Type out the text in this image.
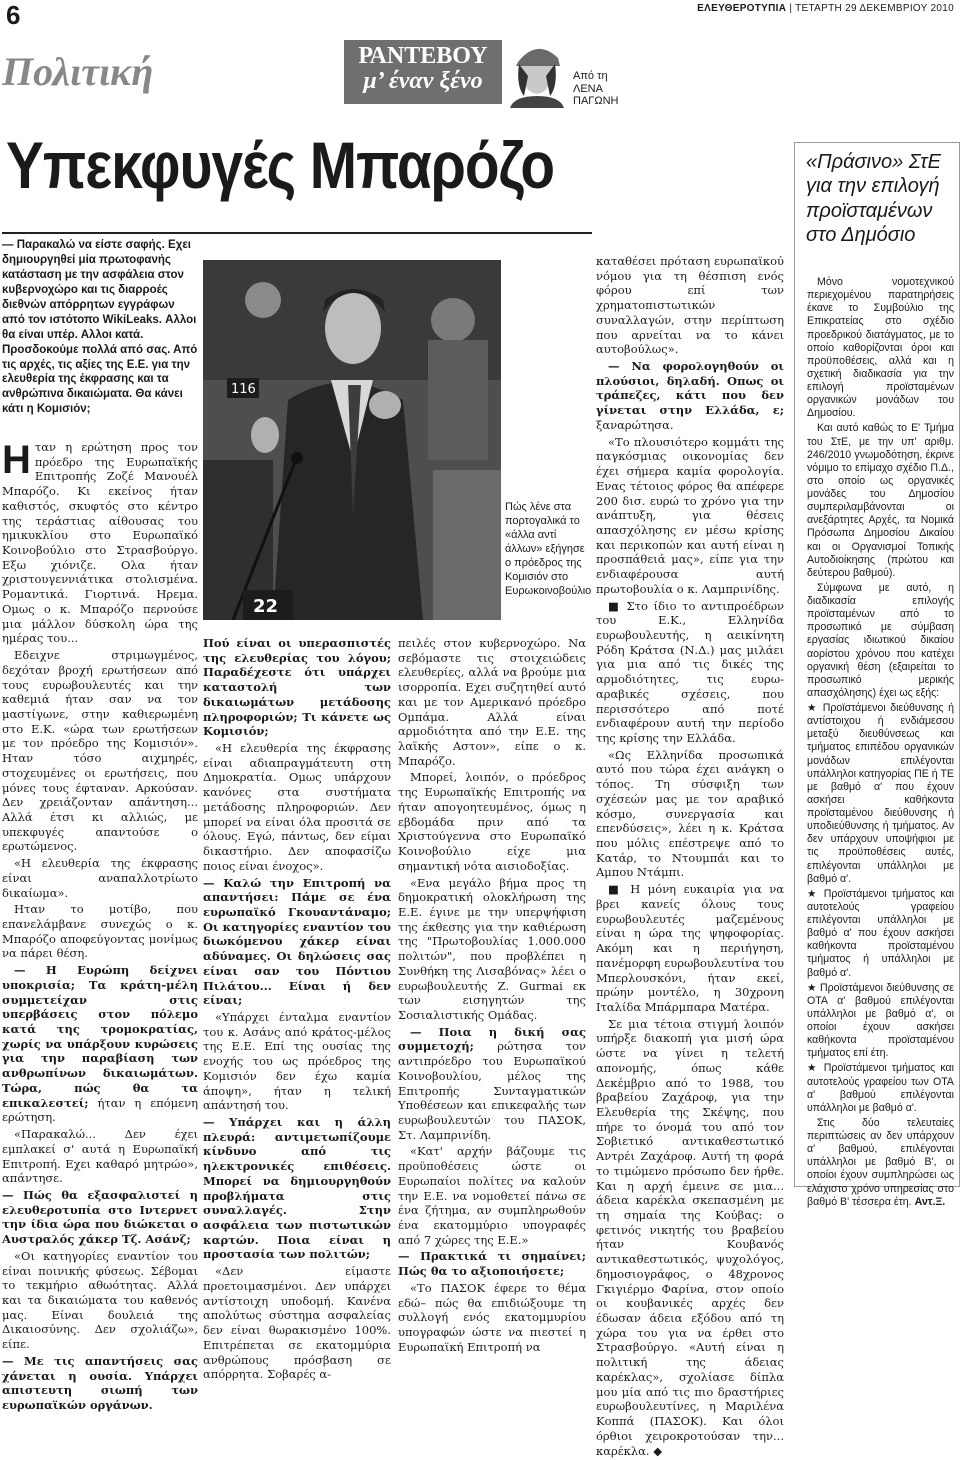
6	ΕΛΕΥΘΕΡΟΤΥΠΙΑ | ΤΕΤΑΡΤΗ 29 ΔΕΚΕΜΒΡΙΟΥ 2010
Πολιτική	ΡΑΝΤΕΒΟΥ
μ’ έναν ξένο	Από τη
ΛΕΝΑ
ΠΑΓΩΝΗ
Υπεκφυγές Μπαρόζο

— Παρακαλώ να είστε σαφής. Εχει δημιουργηθεί μία πρωτοφανής κατάσταση με την ασφάλεια στον κυβερνοχώρο και τις διαρροές διεθνών απόρρητων εγγράφων από τον ιστότοπο WikiLeaks. Αλλοι θα είναι υπέρ. Αλλοι κατά. Προσδοκούμε πολλά από σας. Από τις αρχές, τις αξίες της Ε.Ε. για την ελευθερία της έκφρασης και τα ανθρώπινα δικαιώματα. Θα κάνει κάτι η Κομισιόν;

Ηταν η ερώτηση προς τον πρόεδρο της Ευρωπαϊκής Επιτροπής Ζοζέ Μανουέλ Μπαρόζο. Κι εκείνος ήταν καθιστός, σκυφτός στο κέντρο της τεράστιας αίθουσας του ημικυκλίου στο Ευρωπαϊκό Κοινοβούλιο στο Στρασβούργο. Εξω χιόνιζε. Ολα ήταν χριστουγεννιάτικα στολισμένα. Ρομαντικά. Γιορτινά. Ηρεμα. Ομως ο κ. Μπαρόζο περνούσε μια μάλλον δύσκολη ώρα της ημέρας του...

Εδειχνε στριμωγμένος, δεχόταν βροχή ερωτήσεων από τους ευρωβουλευτές και την καθεμιά ήταν σαν να τον μαστίγωνε, στην καθιερωμένη στο Ε.Κ. «ώρα των ερωτήσεων με τον πρόεδρο της Κομισιόν». Ηταν τόσο αιχμηρές, στοχευμένες οι ερωτήσεις, που μόνες τους έφταναν. Αρκούσαν. Δεν χρειάζονταν απάντηση... Αλλά έτσι κι αλλιώς, με υπεκφυγές απαντούσε ο ερωτώμενος.

«Η ελευθερία της έκφρασης είναι αναπαλλοτρίωτο δικαίωμα».

Ηταν το μοτίβο, που επανελάμβανε συνεχώς ο κ. Μπαρόζο αποφεύγοντας μονίμως να πάρει θέση.

— Η Ευρώπη δείχνει υποκρισία; Τα κράτη-μέλη συμμετείχαν στις υπερβάσεις στον πόλεμο κατά της τρομοκρατίας, χωρίς να υπάρξουν κυρώσεις για την παραβίαση των ανθρωπίνων δικαιωμάτων. Τώρα, πώς θα τα επικαλεστεί; ήταν η επόμενη ερώτηση.

«Παρακαλώ... Δεν έχει εμπλακεί σ' αυτά η Ευρωπαϊκή Επιτροπή. Εχει καθαρό μητρώο», απάντησε.

— Πώς θα εξασφαλιστεί η ελευθεροτυπία στο Ιντερνετ την ίδια ώρα που διώκεται ο Αυστραλός χάκερ Τζ. Ασάνζ;

«Οι κατηγορίες εναντίον του είναι ποινικής φύσεως. Σέβομαι το τεκμήριο αθωότητας. Αλλά και τα δικαιώματα του καθενός μας. Είναι δουλειά της Δικαιοσύνης. Δεν σχολιάζω», είπε.

— Με τις απαντήσεις σας χάνεται η ουσία. Υπάρχει απιστευτη σιωπή των ευρωπαϊκών οργάνων.

22
116
Πώς λένε στα πορτογαλικά το «άλλα αντί άλλων» εξήγησε ο πρόεδρος της Κομισιόν στο Ευρωκοινοβούλιο

Πού είναι οι υπερασπιστές της ελευθερίας του λόγου; Παραδέχεστε ότι υπάρχει καταστολή των δικαιωμάτων μετάδοσης πληροφοριών; Τι κάνετε ως Κομισιόν;

«Η ελευθερία της έκφρασης είναι αδιαπραγμάτευτη στη Δημοκρατία. Ομως υπάρχουν κανόνες στα συστήματα μετάδοσης πληροφοριών. Δεν μπορεί να είναι όλα προσιτά σε όλους. Εγώ, πάντως, δεν είμαι δικαστήριο. Δεν αποφασίζω ποιος είναι ένοχος».

— Καλώ την Επιτροπή να απαντήσει: Πάμε σε ένα ευρωπαϊκό Γκουαντάναμο; Οι κατηγορίες εναντίον του διωκόμενου χάκερ είναι αδύναμες. Οι δηλώσεις σας είναι σαν του Πόντιου Πιλάτου... Είναι ή δεν είναι;

«Υπάρχει ένταλμα εναντίον του κ. Ασάνς από κράτος-μέλος της Ε.Ε. Επί της ουσίας της ενοχής του ως πρόεδρος της Κομισιόν δεν έχω καμία άποψη», ήταν η τελική απάντησή του.

— Υπάρχει και η άλλη πλευρά: αντιμετωπίζουμε κίνδυνο από τις ηλεκτρονικές επιθέσεις. Μπορεί να δημιουργηθούν προβλήματα στις συναλλαγές. Στην ασφάλεια των πιστωτικών καρτών. Ποια είναι η προστασία των πολιτών;

«Δεν είμαστε προετοιμασμένοι. Δεν υπάρχει αντίστοιχη υποδομή. Κανένα απολύτως σύστημα ασφαλείας δεν είναι θωρακισμένο 100%. Επιτρέπεται σε εκατομμύρια ανθρώπους πρόσβαση σε απόρρητα. Σοβαρές α-

πειλές στον κυβερνοχώρο. Να σεβόμαστε τις στοιχειώδεις ελευθερίες, αλλά να βρούμε μια ισορροπία. Εχει συζητηθεί αυτό και με τον Αμερικανό πρόεδρο Ομπάμα. Αλλά είναι αρμοδιότητα από την Ε.Ε. της λαϊκής Αστον», είπε ο κ. Μπαρόζο.

Μπορεί, λοιπόν, ο πρόεδρος της Ευρωπαϊκής Επιτροπής να ήταν απογοητευμένος, όμως η εβδομάδα πριν από τα Χριστούγεννα στο Ευρωπαϊκό Κοινοβούλιο είχε μια σημαντική νότα αισιοδοξίας.

«Ενα μεγάλο βήμα προς τη δημοκρατική ολοκλήρωση της Ε.Ε. έγινε με την υπερψήφιση της έκθεσης για την καθιέρωση της "Πρωτοβουλίας 1.000.000 πολιτών", που προβλέπει η Συνθήκη της Λισαβόνας» λέει ο ευρωβουλευτής Ζ. Gurmai εκ των εισηγητών της Σοσιαλιστικής Ομάδας.

— Ποια η δική σας συμμετοχή; ρώτησα τον αντιπρόεδρο του Ευρωπαϊκού Κοινοβουλίου, μέλος της Επιτροπής Συνταγματικών Υποθέσεων και επικεφαλής των ευρωβουλευτών του ΠΑΣΟΚ, Στ. Λαμπρινίδη.

«Κατ' αρχήν βάζουμε τις προϋποθέσεις ώστε οι Ευρωπαίοι πολίτες να καλούν την Ε.Ε. να νομοθετεί πάνω σε ένα ζήτημα, αν συμπληρωθούν ένα εκατομμύριο υπογραφές από 7 χώρες της Ε.Ε.»

— Πρακτικά τι σημαίνει; Πώς θα το αξιοποιήσετε;

«Το ΠΑΣΟΚ έφερε το θέμα εδώ– πώς θα επιδιώξουμε τη συλλογή ενός εκατομμυρίου υπογραφών ώστε να πιεστεί η Ευρωπαϊκή Επιτροπή να

καταθέσει πρόταση ευρωπαϊκού νόμου για τη θέσπιση ενός φόρου επί των χρηματοπιστωτικών συναλλαγών, στην περίπτωση που αρνείται να το κάνει αυτοβούλως».

— Να φορολογηθούν οι πλούσιοι, δηλαδή. Οπως οι τράπεζες, κάτι που δεν γίνεται στην Ελλάδα, ε; ξαναρώτησα.

«Το πλουσιότερο κομμάτι της παγκόσμιας οικονομίας δεν έχει σήμερα καμία φορολογία. Ενας τέτοιος φόρος θα απέφερε 200 δισ. ευρώ το χρόνο για την ανάπτυξη, για θέσεις απασχόλησης εν μέσω κρίσης και περικοπών και αυτή είναι η προσπάθειά μας», είπε για την ενδιαφέρουσα αυτή πρωτοβουλία ο κ. Λαμπρινίδης.

■ Στο ίδιο το αντιπροέδρων του Ε.Κ., Ελληνίδα ευρωβουλευτής, η αεικίνητη Ρόδη Κράτσα (Ν.Δ.) μας μιλάει για μια από τις δικές της αρμοδιότητες, τις ευρω-αραβικές σχέσεις, που περισσότερο από ποτέ ενδιαφέρουν αυτή την περίοδο της κρίσης την Ελλάδα.

«Ως Ελληνίδα προσωπικά αυτό που τώρα έχει ανάγκη ο τόπος. Τη σύσφιξη των σχέσεών μας με τον αραβικό κόσμο, συνεργασία και επενδύσεις», λέει η κ. Κράτσα που μόλις επέστρεψε από το Κατάρ, το Ντουμπάι και το Αμπου Ντάμπι.

■ Η μόνη ευκαιρία για να βρει κανείς όλους τους ευρωβουλευτές μαζεμένους είναι η ώρα της ψηφοφορίας. Ακόμη και η περιήγηση, πανέμορφη ευρωβουλευτίνα του Μπερλουσκόνι, ήταν εκεί, πρώην μοντέλο, η 30χρονη Ιταλίδα Μπάρμπαρα Ματέρα.

Σε μια τέτοια στιγμή λοιπόν υπήρξε διακοπή για μισή ώρα ώστε να γίνει η τελετή απονομής, όπως κάθε Δεκέμβριο από το 1988, του βραβείου Ζαχάροφ, για την Ελευθερία της Σκέψης, που πήρε το όνομά του από τον Σοβιετικό αντικαθεστωτικό Αντρέι Ζαχάροφ. Αυτή τη φορά το τιμώμενο πρόσωπο δεν ήρθε. Και η αρχή έμεινε σε μια... άδεια καρέκλα σκεπασμένη με τη σημαία της Κούβας: ο φετινός νικητής του βραβείου ήταν Κουβανός αντικαθεστωτικός, ψυχολόγος, δημοσιογράφος, ο 48χρονος Γκιγιέρμο Φαρίνα, στον οποίο οι κουβανικές αρχές δεν έδωσαν άδεια εξόδου από τη χώρα του για να έρθει στο Στρασβούργο. «Αυτή είναι η πολιτική της άδειας καρέκλας», σχολίασε δίπλα μου μία από τις πιο δραστήριες ευρωβουλευτίνες, η Μαριλένα Κοππά (ΠΑΣΟΚ). Και όλοι όρθιοι χειροκροτούσαν την... καρέκλα. ◆

«Πράσινο» ΣτΕ για την επιλογή προϊσταμένων στο Δημόσιο

Μόνο νομοτεχνικού περιεχομένου παρατηρήσεις έκανε το Συμβούλιο της Επικρατείας στο σχέδιο προεδρικού διατάγματος, με το οποίο καθορίζονται όροι και προϋποθέσεις, αλλά και η σχετική διαδικασία για την επιλογή προϊσταμένων οργανικών μονάδων του Δημοσίου.

Και αυτό καθώς το Ε' Τμήμα του ΣτΕ, με την υπ' αριθμ. 246/2010 γνωμοδότηση, έκρινε νόμιμο το επίμαχο σχέδιο Π.Δ., στο οποίο ως οργανικές μονάδες του Δημοσίου συμπεριλαμβάνονται οι ανεξάρτητες Αρχές, τα Νομικά Πρόσωπα Δημοσίου Δικαίου και οι Οργανισμοί Τοπικής Αυτοδιοίκησης (πρώτου και δεύτερου βαθμού).

Σύμφωνα με αυτό, η διαδικασία επιλογής προϊσταμένων από το προσωπικό με σύμβαση εργασίας ιδιωτικού δικαίου αορίστου χρόνου που κατέχει οργανική θέση (εξαιρείται το προσωπικό μερικής απασχόλησης) έχει ως εξής:

★ Προϊστάμενοι διεύθυνσης ή αντίστοιχου ή ενδιάμεσου μεταξύ διευθύνσεως και τμήματος επιπέδου οργανικών μονάδων επιλέγονται υπάλληλοι κατηγορίας ΠΕ ή ΤΕ με βαθμό α' που έχουν ασκήσει καθήκοντα προϊσταμένου διεύθυνσης ή υποδιεύθυνσης ή τμήματος. Αν δεν υπάρχουν υποψήφιοι με τις προϋποθέσεις αυτές, επιλέγονται υπάλληλοι με βαθμό α'.

★ Προϊστάμενοι τμήματος και αυτοτελούς γραφείου επιλέγονται υπάλληλοι με βαθμό α' που έχουν ασκήσει καθήκοντα προϊσταμένου τμήματος ή υπάλληλοι με βαθμό α'.

★ Προϊστάμενοι διεύθυνσης σε ΟΤΑ α' βαθμού επιλέγονται υπάλληλοι με βαθμό α', οι οποίοι έχουν ασκήσει καθήκοντα προϊσταμένου τμήματος επί έτη.

★ Προϊστάμενοι τμήματος και αυτοτελούς γραφείου των ΟΤΑ α' βαθμού επιλέγονται υπάλληλοι με βαθμό α'.

Στις δύο τελευταίες περιπτώσεις αν δεν υπάρχουν α' βαθμού, επιλέγονται υπάλληλοι με βαθμό Β', οι οποίοι έχουν συμπληρώσει ως ελάχιστο χρόνο υπηρεσίας στο βαθμό Β' τέσσερα έτη. Αντ.Ξ.
